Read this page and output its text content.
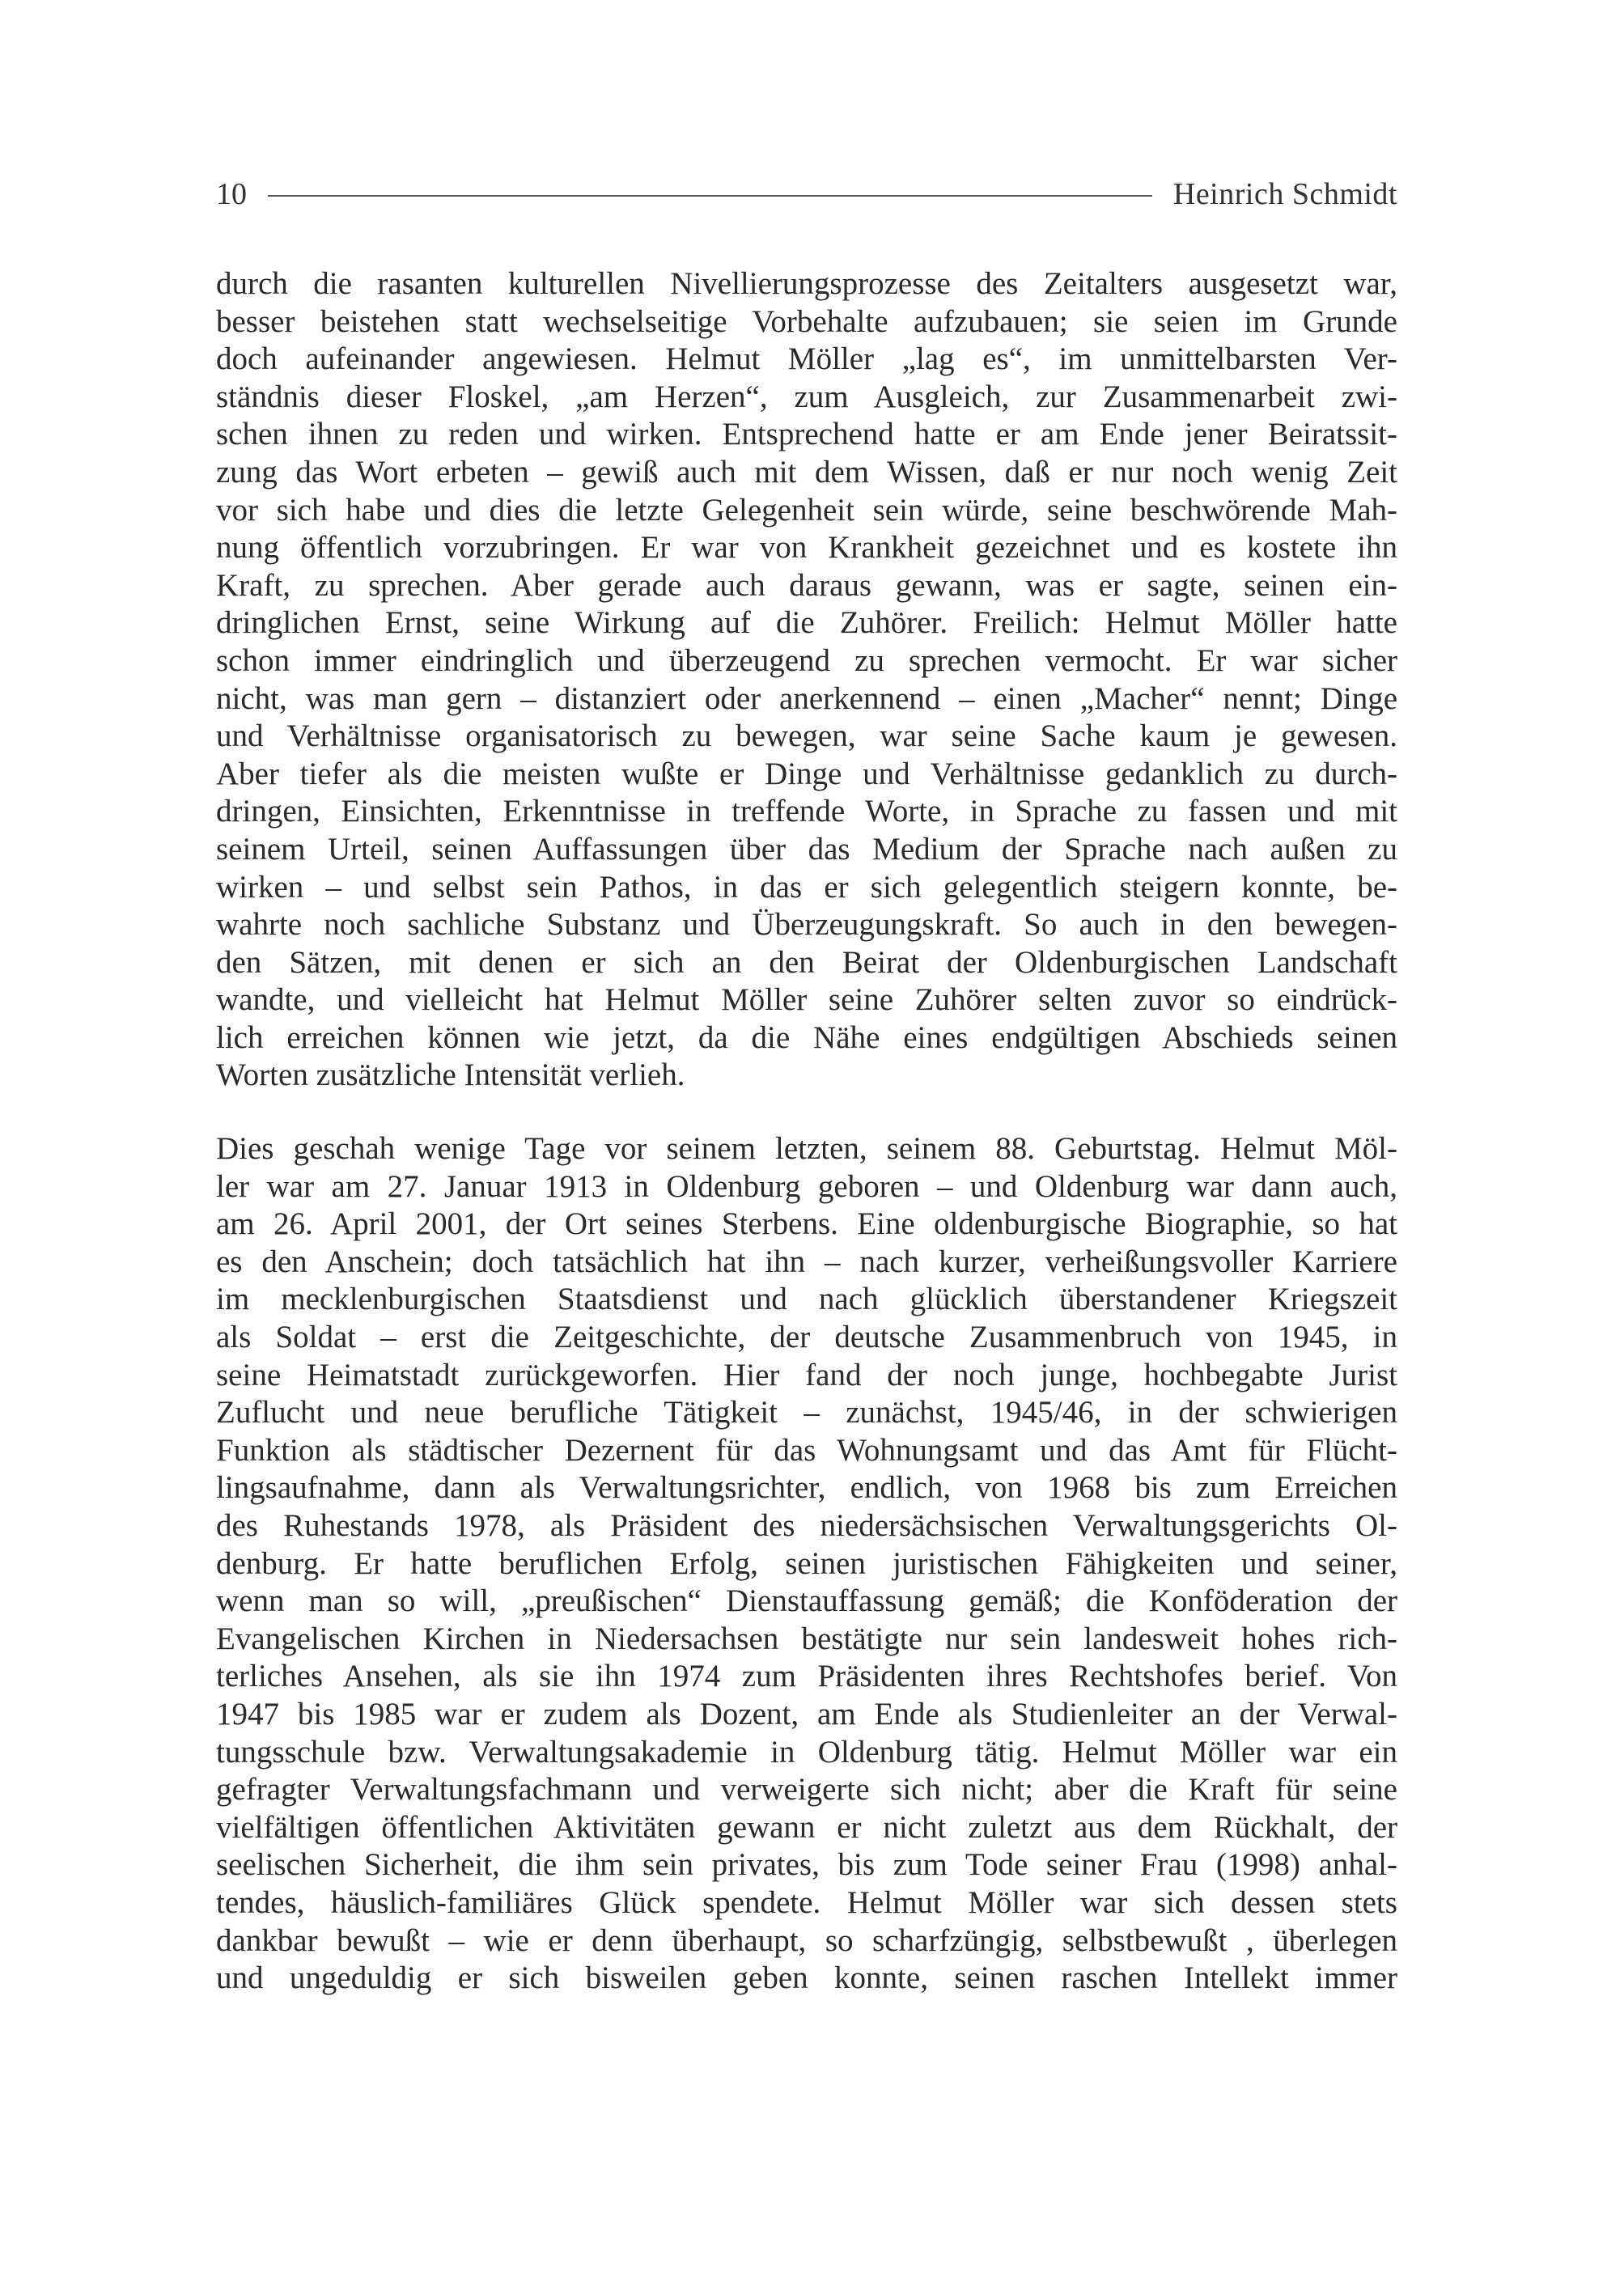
10	Heinrich Schmidt
durch die rasanten kulturellen Nivellierungsprozesse des Zeitalters ausgesetzt war,
besser beistehen statt wechselseitige Vorbehalte aufzubauen; sie seien im Grunde
doch aufeinander angewiesen. Helmut Möller „lag es“, im unmittelbarsten Ver-
ständnis dieser Floskel, „am Herzen“, zum Ausgleich, zur Zusammenarbeit zwi-
schen ihnen zu reden und wirken. Entsprechend hatte er am Ende jener Beiratssit-
zung das Wort erbeten – gewiß auch mit dem Wissen, daß er nur noch wenig Zeit
vor sich habe und dies die letzte Gelegenheit sein würde, seine beschwörende Mah-
nung öffentlich vorzubringen. Er war von Krankheit gezeichnet und es kostete ihn
Kraft, zu sprechen. Aber gerade auch daraus gewann, was er sagte, seinen ein-
dringlichen Ernst, seine Wirkung auf die Zuhörer. Freilich: Helmut Möller hatte
schon immer eindringlich und überzeugend zu sprechen vermocht. Er war sicher
nicht, was man gern – distanziert oder anerkennend – einen „Macher“ nennt; Dinge
und Verhältnisse organisatorisch zu bewegen, war seine Sache kaum je gewesen.
Aber tiefer als die meisten wußte er Dinge und Verhältnisse gedanklich zu durch-
dringen, Einsichten, Erkenntnisse in treffende Worte, in Sprache zu fassen und mit
seinem Urteil, seinen Auffassungen über das Medium der Sprache nach außen zu
wirken – und selbst sein Pathos, in das er sich gelegentlich steigern konnte, be-
wahrte noch sachliche Substanz und Überzeugungskraft. So auch in den bewegen-
den Sätzen, mit denen er sich an den Beirat der Oldenburgischen Landschaft
wandte, und vielleicht hat Helmut Möller seine Zuhörer selten zuvor so eindrück-
lich erreichen können wie jetzt, da die Nähe eines endgültigen Abschieds seinen
Worten zusätzliche Intensität verlieh.
Dies geschah wenige Tage vor seinem letzten, seinem 88. Geburtstag. Helmut Möl-
ler war am 27. Januar 1913 in Oldenburg geboren – und Oldenburg war dann auch,
am 26. April 2001, der Ort seines Sterbens. Eine oldenburgische Biographie, so hat
es den Anschein; doch tatsächlich hat ihn – nach kurzer, verheißungsvoller Karriere
im mecklenburgischen Staatsdienst und nach glücklich überstandener Kriegszeit
als Soldat – erst die Zeitgeschichte, der deutsche Zusammenbruch von 1945, in
seine Heimatstadt zurückgeworfen. Hier fand der noch junge, hochbegabte Jurist
Zuflucht und neue berufliche Tätigkeit – zunächst, 1945/46, in der schwierigen
Funktion als städtischer Dezernent für das Wohnungsamt und das Amt für Flücht-
lingsaufnahme, dann als Verwaltungsrichter, endlich, von 1968 bis zum Erreichen
des Ruhestands 1978, als Präsident des niedersächsischen Verwaltungsgerichts Ol-
denburg. Er hatte beruflichen Erfolg, seinen juristischen Fähigkeiten und seiner,
wenn man so will, „preußischen“ Dienstauffassung gemäß; die Konföderation der
Evangelischen Kirchen in Niedersachsen bestätigte nur sein landesweit hohes rich-
terliches Ansehen, als sie ihn 1974 zum Präsidenten ihres Rechtshofes berief. Von
1947 bis 1985 war er zudem als Dozent, am Ende als Studienleiter an der Verwal-
tungsschule bzw. Verwaltungsakademie in Oldenburg tätig. Helmut Möller war ein
gefragter Verwaltungsfachmann und verweigerte sich nicht; aber die Kraft für seine
vielfältigen öffentlichen Aktivitäten gewann er nicht zuletzt aus dem Rückhalt, der
seelischen Sicherheit, die ihm sein privates, bis zum Tode seiner Frau (1998) anhal-
tendes, häuslich-familiäres Glück spendete. Helmut Möller war sich dessen stets
dankbar bewußt – wie er denn überhaupt, so scharfzüngig, selbstbewußt , überlegen
und ungeduldig er sich bisweilen geben konnte, seinen raschen Intellekt immer
